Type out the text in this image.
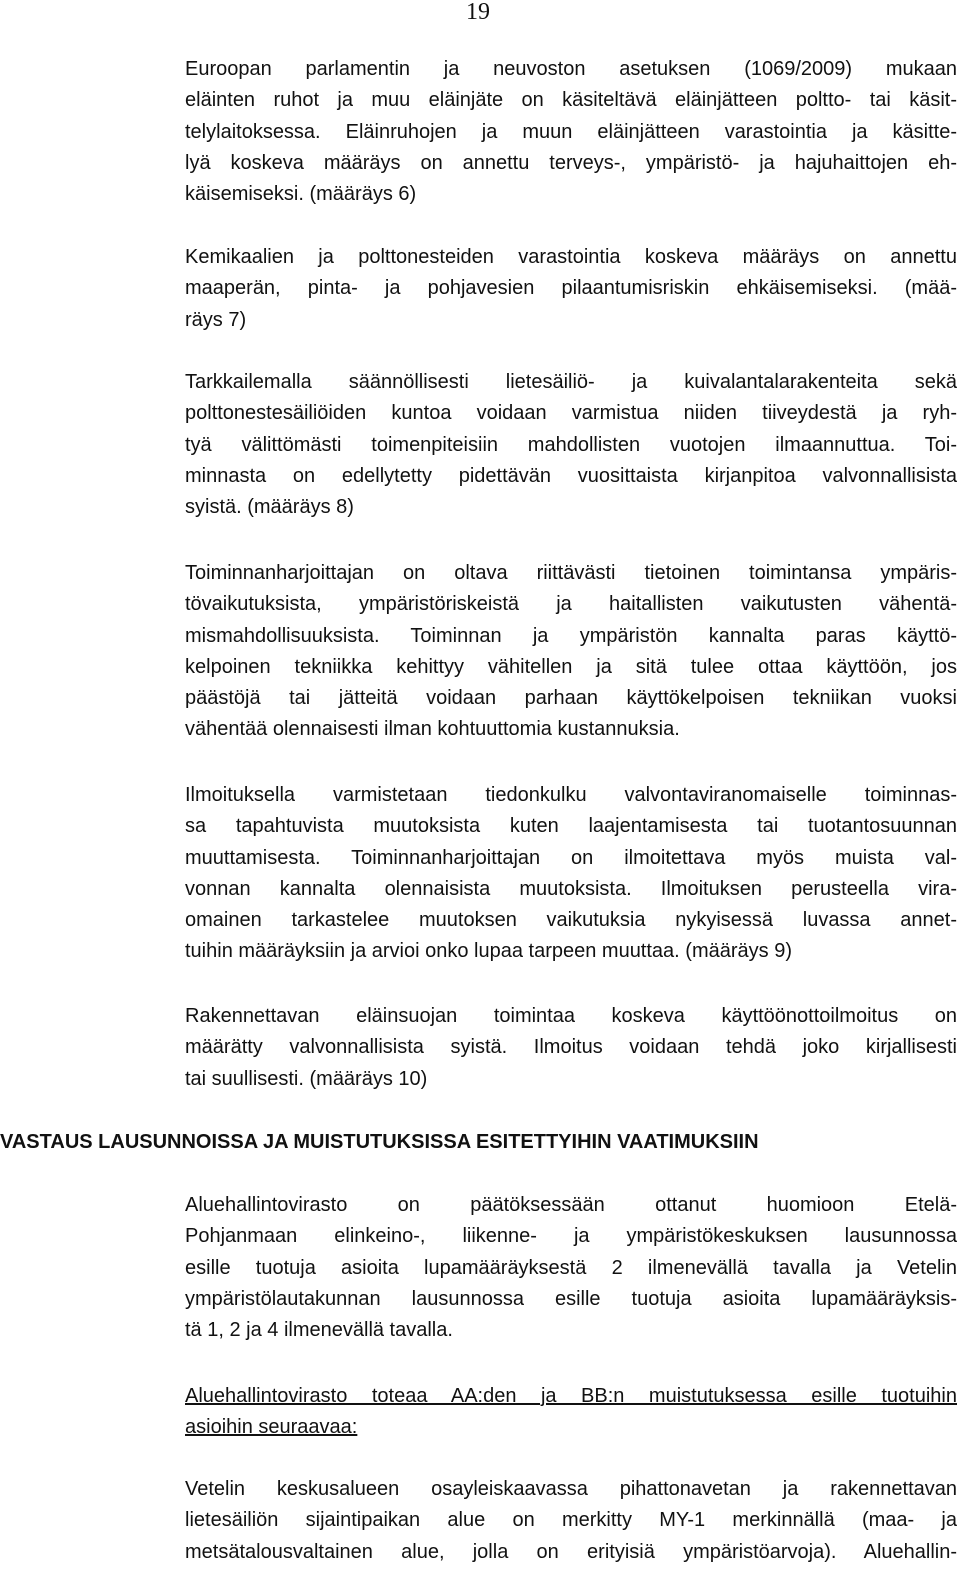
19
Euroopan parlamentin ja neuvoston asetuksen (1069/2009) mukaan
eläinten ruhot ja muu eläinjäte on käsiteltävä eläinjätteen poltto- tai käsit-
telylaitoksessa. Eläinruhojen ja muun eläinjätteen varastointia ja käsitte-
lyä koskeva määräys on annettu terveys-, ympäristö- ja hajuhaittojen eh-
käisemiseksi. (määräys 6)
Kemikaalien ja polttonesteiden varastointia koskeva määräys on annettu
maaperän, pinta- ja pohjavesien pilaantumisriskin ehkäisemiseksi. (mää-
räys 7)
Tarkkailemalla säännöllisesti lietesäiliö- ja kuivalantalarakenteita sekä
polttonestesäiliöiden kuntoa voidaan varmistua niiden tiiveydestä ja ryh-
tyä välittömästi toimenpiteisiin mahdollisten vuotojen ilmaannuttua. Toi-
minnasta on edellytetty pidettävän vuosittaista kirjanpitoa valvonnallisista
syistä. (määräys 8)
Toiminnanharjoittajan on oltava riittävästi tietoinen toimintansa ympäris-
tövaikutuksista, ympäristöriskeistä ja haitallisten vaikutusten vähentä-
mismahdollisuuksista. Toiminnan ja ympäristön kannalta paras käyttö-
kelpoinen tekniikka kehittyy vähitellen ja sitä tulee ottaa käyttöön, jos
päästöjä tai jätteitä voidaan parhaan käyttökelpoisen tekniikan vuoksi
vähentää olennaisesti ilman kohtuuttomia kustannuksia.
Ilmoituksella varmistetaan tiedonkulku valvontaviranomaiselle toiminnas-
sa tapahtuvista muutoksista kuten laajentamisesta tai tuotantosuunnan
muuttamisesta. Toiminnanharjoittajan on ilmoitettava myös muista val-
vonnan kannalta olennaisista muutoksista. Ilmoituksen perusteella vira-
omainen tarkastelee muutoksen vaikutuksia nykyisessä luvassa annet-
tuihin määräyksiin ja arvioi onko lupaa tarpeen muuttaa. (määräys 9)
Rakennettavan eläinsuojan toimintaa koskeva käyttöönottoilmoitus on
määrätty valvonnallisista syistä. Ilmoitus voidaan tehdä joko kirjallisesti
tai suullisesti. (määräys 10)
VASTAUS LAUSUNNOISSA JA MUISTUTUKSISSA ESITETTYIHIN VAATIMUKSIIN
Aluehallintovirasto on päätöksessään ottanut huomioon Etelä-
Pohjanmaan elinkeino-, liikenne- ja ympäristökeskuksen lausunnossa
esille tuotuja asioita lupamääräyksestä 2 ilmenevällä tavalla ja Vetelin
ympäristölautakunnan lausunnossa esille tuotuja asioita lupamääräyksis-
tä 1, 2 ja 4 ilmenevällä tavalla.
Aluehallintovirasto toteaa AA:den ja BB:n muistutuksessa esille tuotuihin
asioihin seuraavaa:
Vetelin keskusalueen osayleiskaavassa pihattonavetan ja rakennettavan
lietesäiliön sijaintipaikan alue on merkitty MY-1 merkinnällä (maa- ja
metsätalousvaltainen alue, jolla on erityisiä ympäristöarvoja). Aluehallin-
